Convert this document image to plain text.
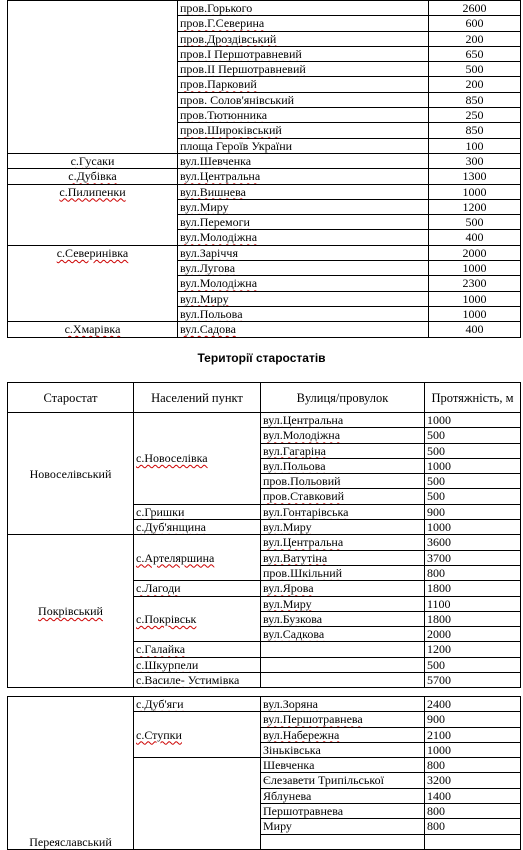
	пров.Горького	2600
	пров.Г.Северина	600
	пров.Дроздівський	200
	пров.І Першотравневий	650
	пров.ІІ Першотравневий	500
	пров.Парковий	200
	пров. Солов'янівський	850
	пров.Тютюнника	250
	пров.Широківський	850
	площа Героїв України	100
с.Гусаки	вул.Шевченка	300
с.Дубівка	вул.Центральна	1300
с.Пилипенки	вул.Вишнева	1000
	вул.Миру	1200
	вул.Перемоги	500
	вул.Молодіжна	400
с.Северинівка	вул.Заріччя	2000
	вул.Лугова	1000
	вул.Молодіжна	2300
	вул.Миру	1000
	вул.Польова	1000
с.Хмарівка	вул.Садова	400
Території старостатів
Старостат	Населений пункт	Вулиця/провулок	Протяжність, м
Новоселівський	с.Новоселівка	вул.Центральна	1000
		вул.Молодіжна	500
		вул.Гагаріна	500
		вул.Польова	1000
		пров.Польовий	500
		пров.Ставковий	500
	с.Гришки	вул.Гонтарівська	900
	с.Дуб'янщина	вул.Миру	1000
Покрівський	с.Артеляршина	вул.Центральна	3600
		вул.Ватутіна	3700
		пров.Шкільний	800
	с.Лагоди	вул.Ярова	1800
	с.Покрівськ	вул.Миру	1100
		вул.Бузкова	1800
		вул.Садкова	2000
	с.Галайка		1200
	с.Шкурпели		500
	с.Василе- Устимівка		5700
Переяславський	с.Дуб'яги	вул.Зоряна	2400
	с.Ступки	вул.Першотравнева	900
		вул.Набережна	2100
		Зіньківська	1000
		Шевченка	800
		Єлезавети Трипільської	3200
		Яблунева	1400
		Першотравнева	800
		Миру	800
